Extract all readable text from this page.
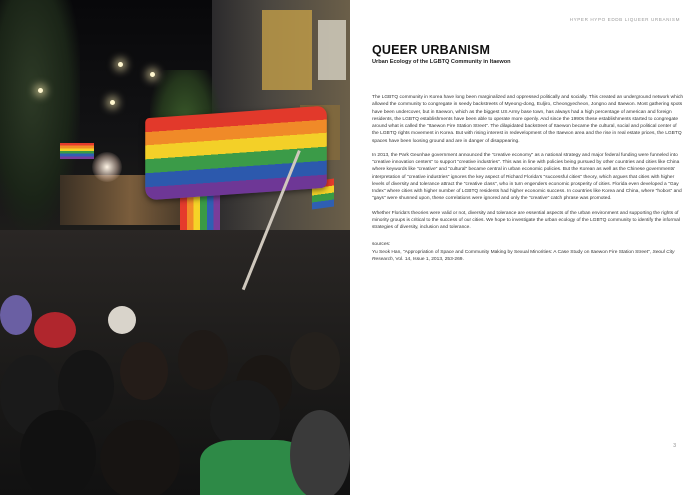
HYPER HYPO EDDB LIQUEER URBANISM
QUEER URBANISM
Urban Ecology of the LGBTQ Community in Itaewon

The LGBTQ community in Korea have long been marginalized and oppressed politically and socially. This created an underground network which allowed the community to congregate in seedy backstreets of Myeong-dong, Euljiro, Cheongyecheon, Jongno and Itaewon. Most gathering spots have been undercover, but in Itaewon, which as the biggest US Army base town, has always had a high percentage of american and foreign residents, the LGBTQ establishments have been able to operate more openly. And since the 1990s these establishments started to congregate around what is called the "Itaewon Fire Station Street". The dilapidated backstreet of Itaewon became the cultural, social and political center of the LGBTQ rights movement in Korea. But with rising interest in redevelopment of the Itaewon area and the rise in real estate prices, the LGBTQ spaces have been loosing ground and are in danger of disappearing.

In 2013, the Park Geunhae government announced the "creative economy" as a national strategy and major federal funding were funneled into "creative innovation centers" to support "creative industries". This was in line with policies being pursued by other countries and cities like China where keywords like "creative" and "cultural" became central in urban economic policies. But the Korean as well as the Chinese governments' interpretation of "creative industries" ignores the key aspect of Richard Florida's "successful cities" theory, which argues that cities with higher levels of diversity and tolerance attract the "creative class", who in turn engenders economic prosperity of cities. Florida even developed a "Gay Index" where cities with higher number of LGBTQ residents had higher economic success. In countries like Korea and China, where "hobos" and "gays" were shunned upon, these correlations were ignored and only the "creative" catch phrase was promoted.

Whether Florida's theories were valid or not, diversity and tolerance are essential aspects of the urban environment and supporting the rights of minority groups is critical to the success of our cities. We hope to investigate the urban ecology of the LGBTQ community to identify the informal strategies of diversity, inclusion and tolerance.

sources:

Yu Seok Han, "Appropriation of Space and Community Making by Sexual Minorities: A Case Study on Itaewon Fire Station Street", Seoul City Research, Vol. 14, Issue 1, 2013, 253-269.

3
